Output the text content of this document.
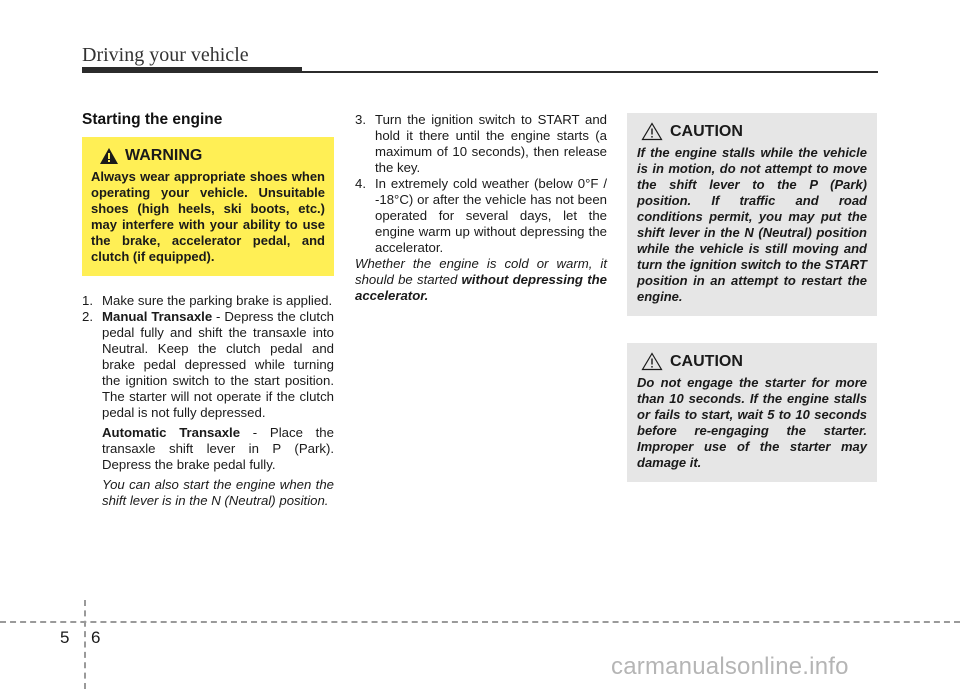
Driving your vehicle
Starting the engine
WARNING
Always wear appropriate shoes when operating your vehicle. Unsuitable shoes (high heels, ski boots, etc.) may interfere with your ability to use the brake, accelerator pedal, and clutch (if equipped).
1. Make sure the parking brake is applied.
2. Manual Transaxle - Depress the clutch pedal fully and shift the transaxle into Neutral. Keep the clutch pedal and brake pedal depressed while turning the ignition switch to the start position. The starter will not operate if the clutch pedal is not fully depressed.
Automatic Transaxle - Place the transaxle shift lever in P (Park). Depress the brake pedal fully.
You can also start the engine when the shift lever is in the N (Neutral) position.
3. Turn the ignition switch to START and hold it there until the engine starts (a maximum of 10 seconds), then release the key.
4. In extremely cold weather (below 0°F / -18°C) or after the vehicle has not been operated for several days, let the engine warm up without depressing the accelerator.
Whether the engine is cold or warm, it should be started without depressing the accelerator.
CAUTION
If the engine stalls while the vehicle is in motion, do not attempt to move the shift lever to the P (Park) position. If traffic and road conditions permit, you may put the shift lever in the N (Neutral) position while the vehicle is still moving and turn the ignition switch to the START position in an attempt to restart the engine.
CAUTION
Do not engage the starter for more than 10 seconds. If the engine stalls or fails to start, wait 5 to 10 seconds before re-engaging the starter. Improper use of the starter may damage it.
5 6
carmanualsonline.info
